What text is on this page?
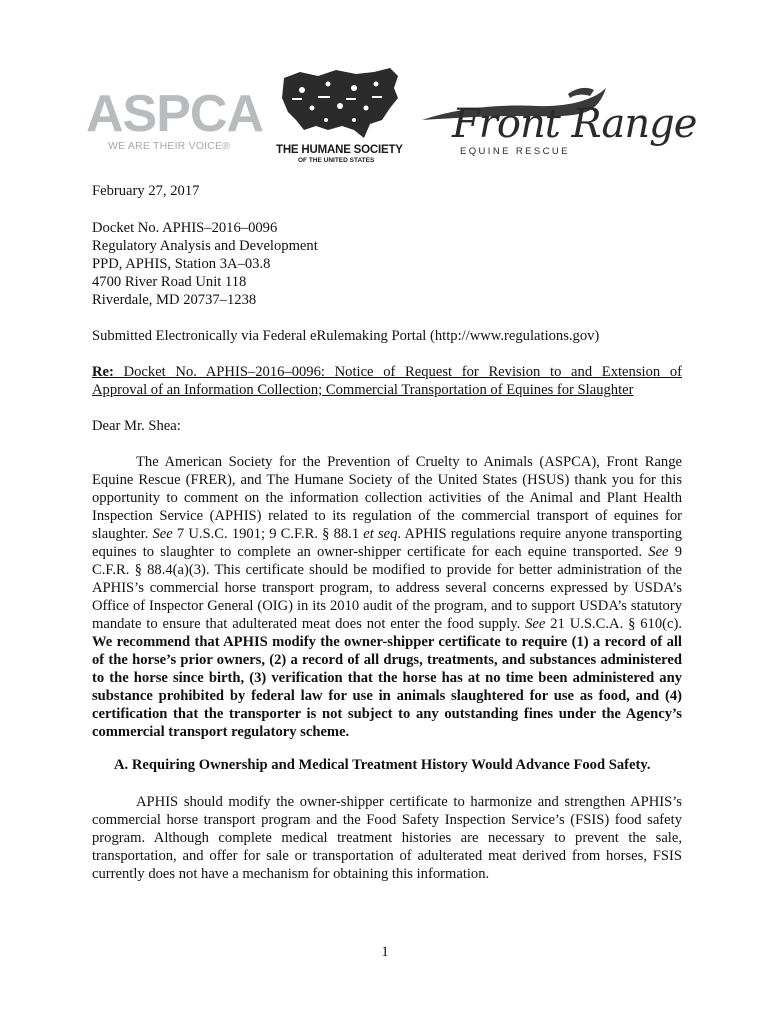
ASPCA
WE ARE THEIR VOICE®	THE HUMANE SOCIETY
OF THE UNITED STATES
Front Range
EQUINE RESCUE
February 27, 2017
Docket No. APHIS–2016–0096
Regulatory Analysis and Development
PPD, APHIS, Station 3A–03.8
4700 River Road Unit 118
Riverdale, MD 20737–1238
Submitted Electronically via Federal eRulemaking Portal (http://www.regulations.gov)
Re: Docket No. APHIS–2016–0096: Notice of Request for Revision to and Extension of
Approval of an Information Collection; Commercial Transportation of Equines for Slaughter
Dear Mr. Shea:
The American Society for the Prevention of Cruelty to Animals (ASPCA), Front Range Equine Rescue (FRER), and The Humane Society of the United States (HSUS) thank you for this opportunity to comment on the information collection activities of the Animal and Plant Health Inspection Service (APHIS) related to its regulation of the commercial transport of equines for slaughter. See 7 U.S.C. 1901; 9 C.F.R. § 88.1 et seq. APHIS regulations require anyone transporting equines to slaughter to complete an owner-shipper certificate for each equine transported. See 9 C.F.R. § 88.4(a)(3). This certificate should be modified to provide for better administration of the APHIS’s commercial horse transport program, to address several concerns expressed by USDA’s Office of Inspector General (OIG) in its 2010 audit of the program, and to support USDA’s statutory mandate to ensure that adulterated meat does not enter the food supply. See 21 U.S.C.A. § 610(c). We recommend that APHIS modify the owner-shipper certificate to require (1) a record of all of the horse’s prior owners, (2) a record of all drugs, treatments, and substances administered to the horse since birth, (3) verification that the horse has at no time been administered any substance prohibited by federal law for use in animals slaughtered for use as food, and (4) certification that the transporter is not subject to any outstanding fines under the Agency’s commercial transport regulatory scheme.
A. Requiring Ownership and Medical Treatment History Would Advance Food Safety.
APHIS should modify the owner-shipper certificate to harmonize and strengthen APHIS’s commercial horse transport program and the Food Safety Inspection Service’s (FSIS) food safety program. Although complete medical treatment histories are necessary to prevent the sale, transportation, and offer for sale or transportation of adulterated meat derived from horses, FSIS currently does not have a mechanism for obtaining this information.
1
